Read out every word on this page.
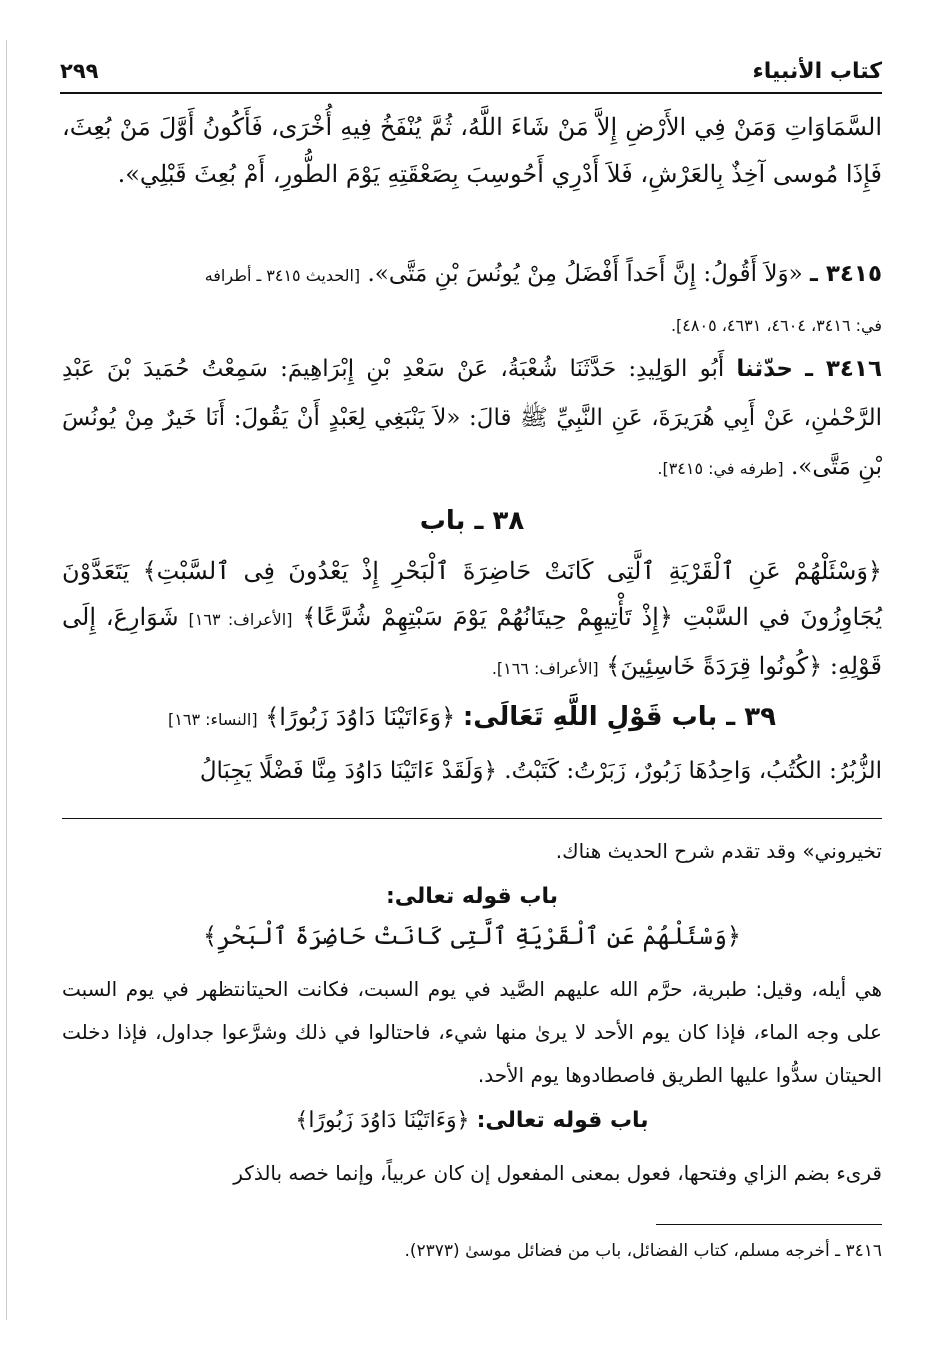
كتاب الأنبياء
٢٩٩
السَّمَاوَاتِ وَمَنْ فِي الأَرْضِ إِلاَّ مَنْ شَاءَ اللَّهُ، ثُمَّ يُنْفَخُ فِيهِ أُخْرَى، فَأَكُونُ أَوَّلَ مَنْ بُعِثَ، فَإِذَا مُوسى آخِذٌ بِالعَرْشِ، فَلاَ أَدْرِي أَحُوسِبَ بِصَعْقَتِهِ يَوْمَ الطُّورِ، أَمْ بُعِثَ قَبْلِي».
٣٤١٥ ـ «وَلاَ أَقُولُ: إِنَّ أَحَداً أَفْضَلُ مِنْ يُونُسَ بْنِ مَتَّى». [الحديث ٣٤١٥ ـ أطرافه
في: ٣٤١٦، ٤٦٠٤، ٤٦٣١، ٤٨٠٥].
٣٤١٦ ـ حدّثنا أَبُو الوَلِيدِ: حَدَّثَنَا شُعْبَةُ، عَنْ سَعْدِ بْنِ إِبْرَاهِيمَ: سَمِعْتُ حُمَيدَ بْنَ عَبْدِ الرَّحْمٰنِ، عَنْ أَبِي هُرَيرَةَ، عَنِ النَّبِيِّ ﷺ قالَ: «لاَ يَنْبَغِي لِعَبْدٍ أَنْ يَقُولَ: أَنَا خَيرٌ مِنْ يُونُسَ بْنِ مَتَّى». [طرفه في: ٣٤١٥].
٣٨ ـ باب
﴿وَسْئَلْهُمْ عَنِ ٱلْقَرْيَةِ ٱلَّتِى كَانَتْ حَاضِرَةَ ٱلْبَحْرِ إِذْ يَعْدُونَ فِى ٱلسَّبْتِ﴾ يَتَعَدَّوْنَ يُجَاوِزُونَ في السَّبْتِ ﴿إِذْ تَأْتِيهِمْ حِيتَانُهُمْ يَوْمَ سَبْتِهِمْ شُرَّعًا﴾ [الأعراف: ١٦٣] شَوَارِعَ، إِلَى قَوْلِهِ: ﴿كُونُوا قِرَدَةً خَاسِئِينَ﴾ [الأعراف: ١٦٦].
٣٩ ـ باب قَوْلِ اللَّهِ تَعَالَى: ﴿وَءَاتَيْنَا دَاوُدَ زَبُورًا﴾ [النساء: ١٦٣]
الزُّبُرُ: الكُتُبُ، وَاحِدُهَا زَبُورٌ، زَبَرْتُ: كَتَبْتُ. ﴿وَلَقَدْ ءَاتَيْنَا دَاوُدَ مِنَّا فَضْلًا يَجِبَالُ
تخيروني» وقد تقدم شرح الحديث هناك.
باب قوله تعالى:
﴿وَسْئَلْهُمْ عَنِ ٱلْقَرْيَةِ ٱلَّتِى كَانَتْ حَاضِرَةَ ٱلْبَحْرِ﴾
هي أيله، وقيل: طبرية، حرَّم الله عليهم الصَّيد في يوم السبت، فكانت الحيتانتظهر في يوم السبت على وجه الماء، فإذا كان يوم الأحد لا يرىٰ منها شيء، فاحتالوا في ذلك وشرَّعوا جداول، فإذا دخلت الحيتان سدُّوا عليها الطريق فاصطادوها يوم الأحد.
باب قوله تعالى: ﴿وَءَاتَيْنَا دَاوُدَ زَبُورًا﴾
قرىء بضم الزاي وفتحها، فعول بمعنى المفعول إن كان عربياً، وإنما خصه بالذكر
٣٤١٦ ـ أخرجه مسلم، كتاب الفضائل، باب من فضائل موسىٰ (٢٣٧٣).
